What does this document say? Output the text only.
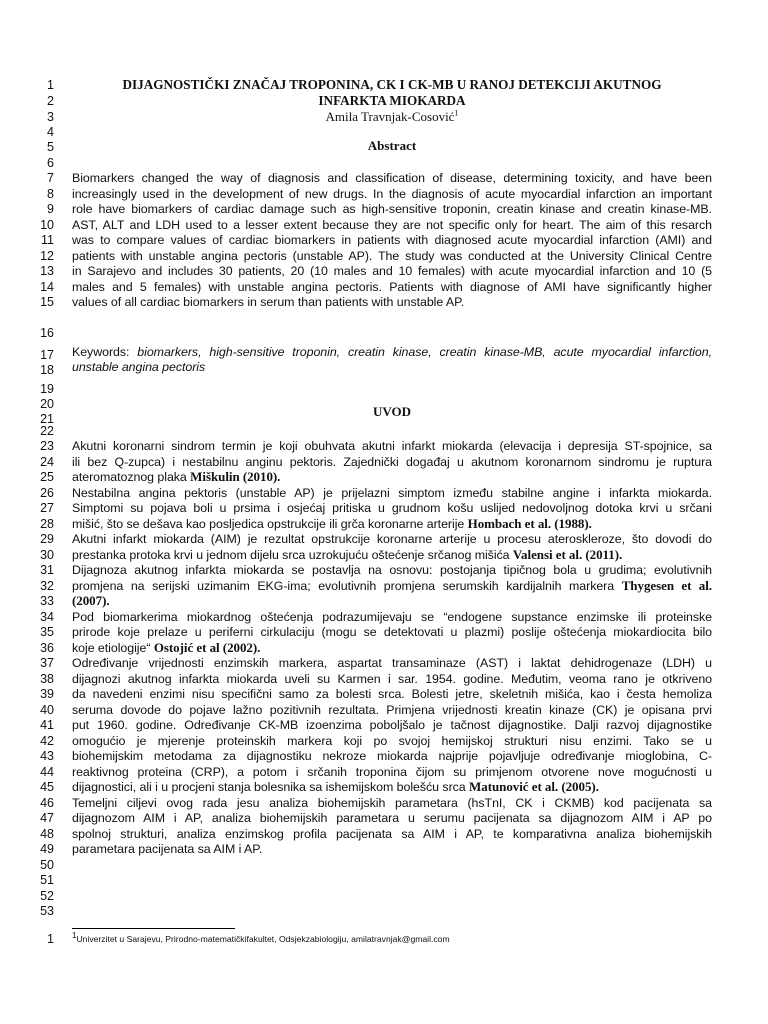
1
2
3
4
5
6
7
8
9
10
11
12
13
14
15
16
17
18
19
20
21
22
23
24
25
26
27
28
29
30
31
32
33
34
35
36
37
38
39
40
41
42
43
44
45
46
47
48
49
50
51
52
53
DIJAGNOSTIČKI ZNAČAJ TROPONINA, CK I CK-MB U RANOJ DETEKCIJI AKUTNOG
INFARKTA MIOKARDA
Amila Travnjak-Cosović$^1$
Abstract
Biomarkers changed the way of diagnosis and classification of disease, determining toxicity, and have been
increasingly used in the development of new drugs. In the diagnosis of acute myocardial infarction an important
role have biomarkers of cardiac damage such as high-sensitive troponin, creatin kinase and creatin kinase-MB.
AST, ALT and LDH used to a lesser extent because they are not specific only for heart. The aim of this resarch
was to compare values of cardiac biomarkers in patients with diagnosed acute myocardial infarction (AMI) and
patients with unstable angina pectoris (unstable AP). The study was conducted at the University Clinical Centre
in Sarajevo and includes 30 patients, 20 (10 males and 10 females) with acute myocardial infarction and 10 (5
males and 5 females) with unstable angina pectoris. Patients with diagnose of AMI have significantly higher
values of all cardiac biomarkers in serum than patients with unstable AP.
Keywords: biomarkers, high-sensitive troponin, creatin kinase, creatin kinase-MB, acute myocardial infarction,
unstable angina pectoris
UVOD
Akutni koronarni sindrom termin je koji obuhvata akutni infarkt miokarda (elevacija i depresija ST-spojnice, sa
ili bez Q-zupca) i nestabilnu anginu pektoris. Zajednički događaj u akutnom koronarnom sindromu je ruptura
ateromatoznog plaka Miškulin (2010).
Nestabilna angina pektoris (unstable AP) je prijelazni simptom između stabilne angine i infarkta miokarda.
Simptomi su pojava boli u prsima i osjećaj pritiska u grudnom košu uslijed nedovoljnog dotoka krvi u srčani
mišić, što se dešava kao posljedica opstrukcije ili grča koronarne arterije Hombach et al. (1988).
Akutni infarkt miokarda (AIM) je rezultat opstrukcije koronarne arterije u procesu ateroskleroze, što dovodi do
prestanka protoka krvi u jednom dijelu srca uzrokujuću oštećenje srčanog mišića Valensi et al. (2011).
Dijagnoza akutnog infarkta miokarda se postavlja na osnovu: postojanja tipičnog bola u grudima; evolutivnih
promjena na serijski uzimanim EKG-ima; evolutivnih promjena serumskih kardijalnih markera Thygesen et al.
(2007).
Pod biomarkerima miokardnog oštećenja podrazumijevaju se “endogene supstance enzimske ili proteinske
prirode koje prelaze u periferni cirkulaciju (mogu se detektovati u plazmi) poslije oštećenja miokardiocita bilo
koje etiologije“ Ostojić et al (2002).
Određivanje vrijednosti enzimskih markera, aspartat transaminaze (AST) i laktat dehidrogenaze (LDH) u
dijagnozi akutnog infarkta miokarda uveli su Karmen i sar. 1954. godine. Međutim, veoma rano je otkriveno
da navedeni enzimi nisu specifični samo za bolesti srca. Bolesti jetre, skeletnih mišića, kao i česta hemoliza
seruma dovode do pojave lažno pozitivnih rezultata. Primjena vrijednosti kreatin kinaze (CK) je opisana prvi
put 1960. godine. Određivanje CK-MB izoenzima poboljšalo je tačnost dijagnostike. Dalji razvoj dijagnostike
omogućio je mjerenje proteinskih markera koji po svojoj hemijskoj strukturi nisu enzimi. Tako se u
biohemijskim metodama za dijagnostiku nekroze miokarda najprije pojavljuje određivanje mioglobina, C-
reaktivnog proteina (CRP), a potom i srčanih troponina čijom su primjenom otvorene nove mogućnosti u
dijagnostici, ali i u procjeni stanja bolesnika sa ishemijskom bolešću srca Matunović et al. (2005).
Temeljni ciljevi ovog rada jesu analiza biohemijskih parametara (hsTnI, CK i CKMB) kod pacijenata sa
dijagnozom AIM i AP, analiza biohemijskih parametara u serumu pacijenata sa dijagnozom AIM i AP po
spolnoj strukturi, analiza enzimskog profila pacijenata sa AIM i AP, te komparativna analiza biohemijskih
parametara pacijenata sa AIM i AP.
1 $^1$Univerzitet u Sarajevu, Prirodno-matematičkifakultet, Odsjekzabiologiju, amilatravnjak@gmail.com
